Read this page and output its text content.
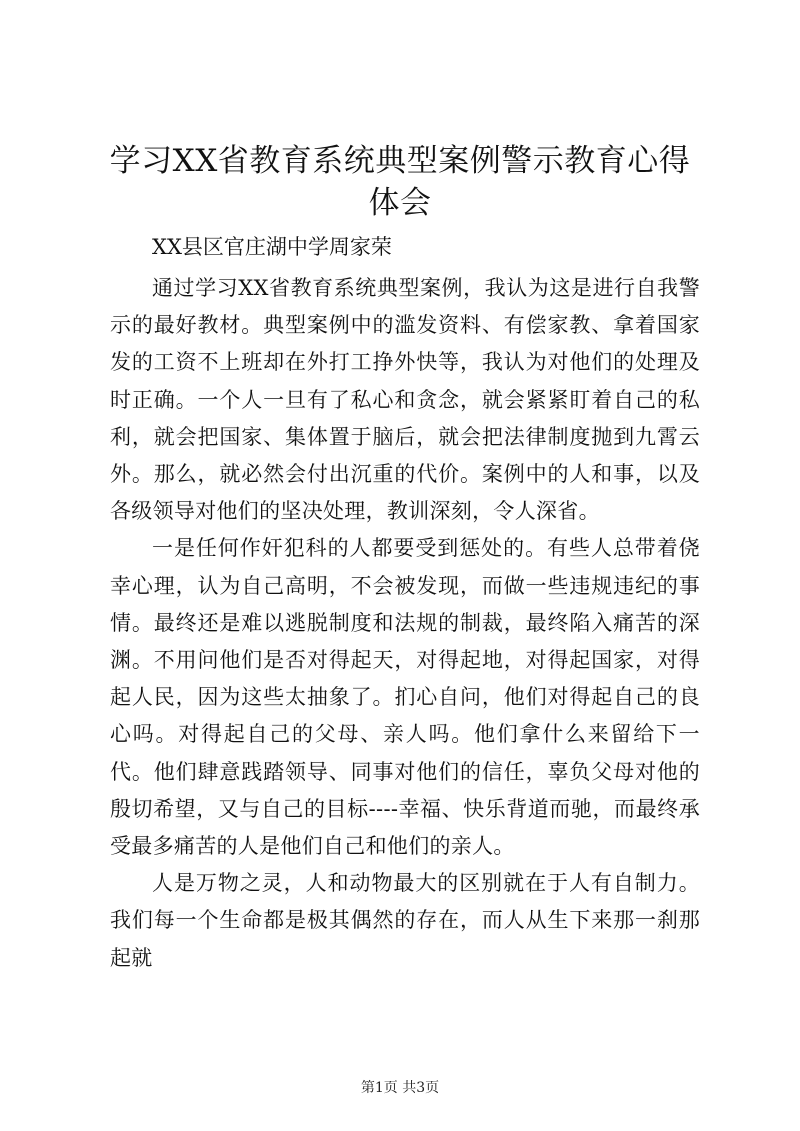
学习XX省教育系统典型案例警示教育心得体会

XX县区官庄湖中学周家荣

通过学习XX省教育系统典型案例，我认为这是进行自我警示的最好教材。典型案例中的滥发资料、有偿家教、拿着国家发的工资不上班却在外打工挣外快等，我认为对他们的处理及时正确。一个人一旦有了私心和贪念，就会紧紧盯着自己的私利，就会把国家、集体置于脑后，就会把法律制度抛到九霄云外。那么，就必然会付出沉重的代价。案例中的人和事，以及各级领导对他们的坚决处理，教训深刻，令人深省。

一是任何作奸犯科的人都要受到惩处的。有些人总带着侥幸心理，认为自己高明，不会被发现，而做一些违规违纪的事情。最终还是难以逃脱制度和法规的制裁，最终陷入痛苦的深渊。不用问他们是否对得起天，对得起地，对得起国家，对得起人民，因为这些太抽象了。扪心自问，他们对得起自己的良心吗。对得起自己的父母、亲人吗。他们拿什么来留给下一代。他们肆意践踏领导、同事对他们的信任，辜负父母对他的殷切希望，又与自己的目标----幸福、快乐背道而驰，而最终承受最多痛苦的人是他们自己和他们的亲人。

人是万物之灵，人和动物最大的区别就在于人有自制力。我们每一个生命都是极其偶然的存在，而人从生下来那一刹那起就

第1页 共3页
